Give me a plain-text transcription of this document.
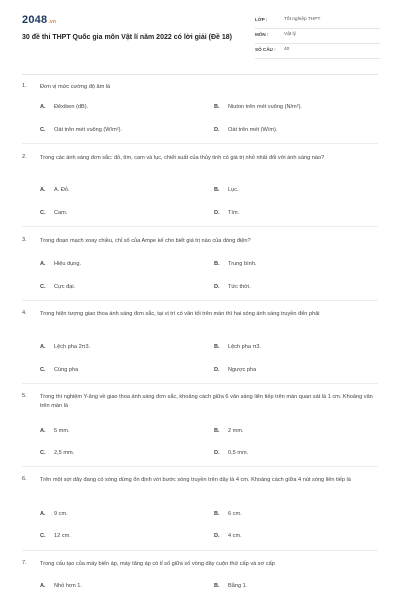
2048.vn
30 đề thi THPT Quốc gia môn Vật lí năm 2022 có lời giải (Đề 18)
LỚP :	Tốt nghiệp THPT
MÔN :	Vật lý
SỐ CÂU : 40
1. Đơn vị mức cường độ âm là
A. Đêxiben (dB).	B. Niuton trên mét vuông (N/m²).
C. Oát trên mét vuông (W/m²).	D. Oát trên mét (W/m).
2. Trong các ánh sáng đơn sắc: đỏ, tím, cam và lục, chiết suất của thủy tinh có giá trị nhỏ nhất đối với ánh sáng nào?
A. A. Đỏ.	B. Lục.
C. Cam.	D. Tím.
3. Trong đoạn mạch xoay chiều, chỉ số của Ampe kế cho biết giá trị nào của dòng điện?
A. Hiệu dụng.	B. Trung bình.
C. Cực đại.	D. Tức thời.
4. Trong hiện tượng giao thoa ánh sáng đơn sắc, tại vị trí có vân tối trên màn thì hai sóng ánh sáng truyền đến phải
A. Lệch pha 2π3.	B. Lệch pha π3.
C. Cùng pha	D. Ngược pha
5. Trong thí nghiệm Y-âng về giao thoa ánh sáng đơn sắc, khoảng cách giữa 6 vân sáng liên tiếp trên màn quan sát là 1 cm. Khoảng vân trên màn là
A. 5 mm.	B. 2 mm.
C. 2,5 mm.	D. 0,5 mm.
6. Trên một sợi dây đang có sóng dừng ổn định với bước sóng truyền trên dây là 4 cm. Khoảng cách giữa 4 nút sóng liên tiếp là
A. 9 cm.	B. 6 cm.
C. 12 cm.	D. 4 cm.
7. Trong cấu tạo của máy biến áp, máy tăng áp có tỉ số giữa số vòng dây cuộn thứ cấp và sơ cấp
A. Nhỏ hơn 1.	B. Bằng 1.
